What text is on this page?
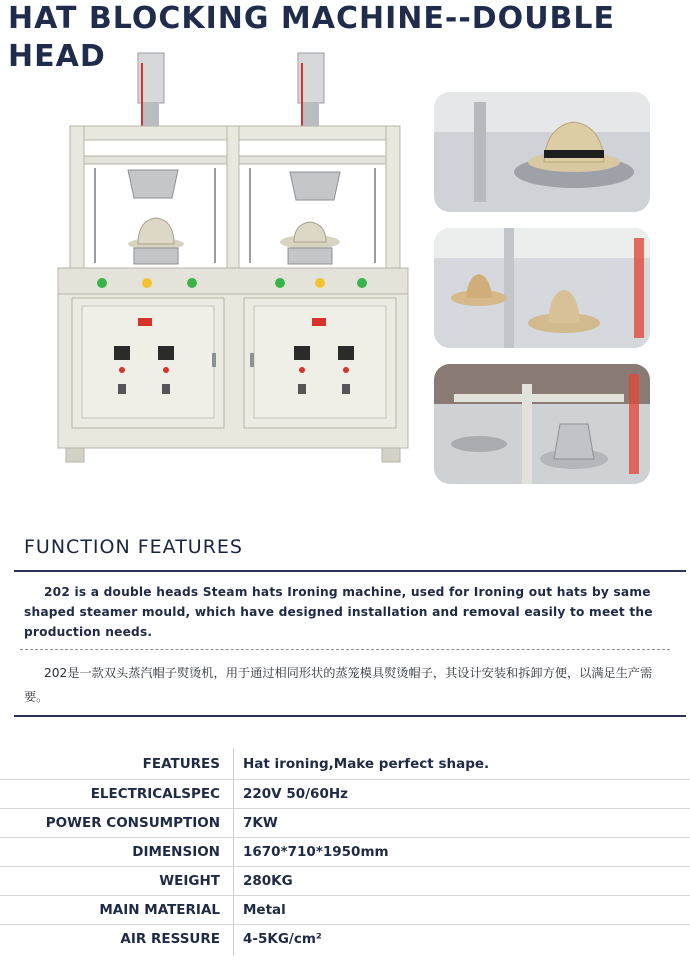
HAT BLOCKING MACHINE--DOUBLE HEAD
FUNCTION FEATURES
202 is a double heads Steam hats Ironing machine, used for Ironing out hats by same shaped steamer mould, which have designed installation and removal easily to meet the production needs.
202是一款双头蒸汽帽子熨烫机，用于通过相同形状的蒸笼模具熨烫帽子，其设计安装和拆卸方便，以满足生产需要。
FEATURES Hat ironing,Make perfect shape.
ELECTRICALSPEC 220V 50/60Hz
POWER CONSUMPTION 7KW
DIMENSION 1670*710*1950mm
WEIGHT 280KG
MAIN MATERIAL Metal
AIR RESSURE 4-5KG/cm²
